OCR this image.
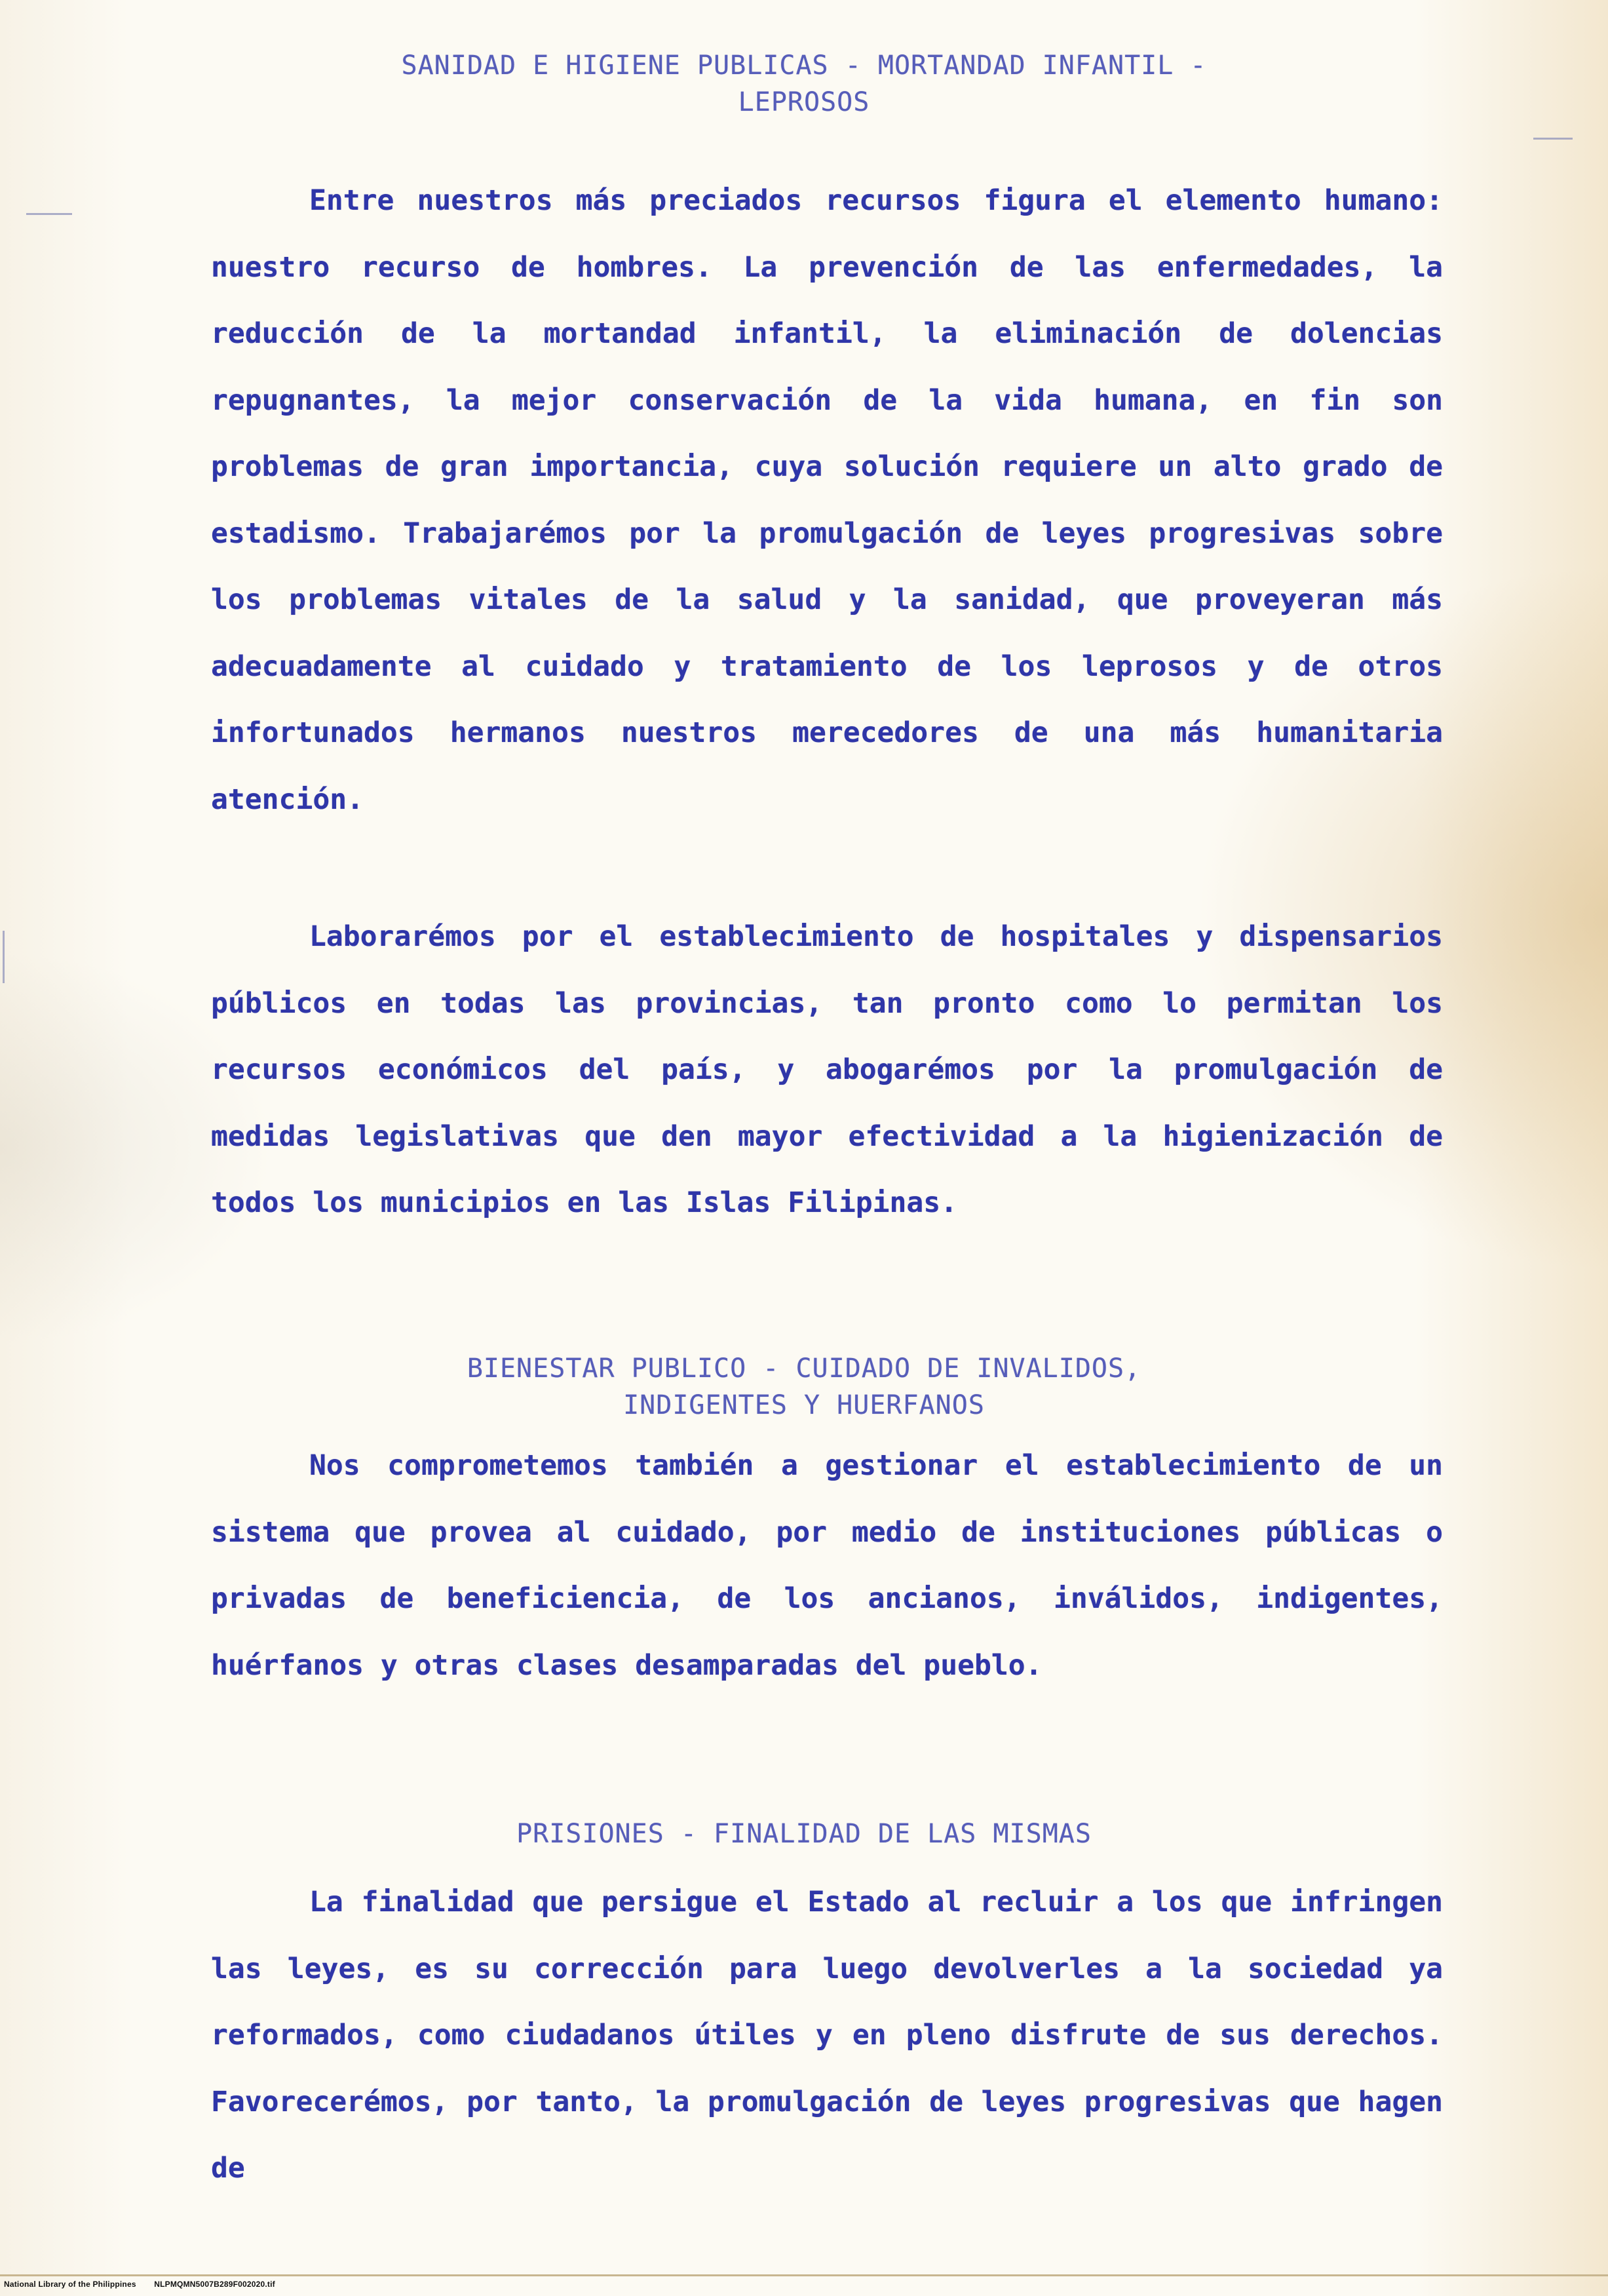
SANIDAD E HIGIENE PUBLICAS - MORTANDAD INFANTIL -
LEPROSOS

Entre nuestros más preciados recursos figura el elemento humano: nuestro recurso de hombres. La prevención de las enfermedades, la reducción de la mortandad infantil, la eliminación de dolencias repugnantes, la mejor conservación de la vida humana, en fin son problemas de gran importancia, cuya solución requiere un alto grado de estadismo. Trabajarémos por la promulgación de leyes progresivas sobre los problemas vitales de la salud y la sanidad, que proveyeran más adecuadamente al cuidado y tratamiento de los leprosos y de otros infortunados hermanos nuestros merecedores de una más humanitaria atención.

Laborarémos por el establecimiento de hospitales y dispensarios públicos en todas las provincias, tan pronto como lo permitan los recursos económicos del país, y abogarémos por la promulgación de medidas legislativas que den mayor efectividad a la higienización de todos los municipios en las Islas Filipinas.

BIENESTAR PUBLICO - CUIDADO DE INVALIDOS,
INDIGENTES Y HUERFANOS

Nos comprometemos también a gestionar el establecimiento de un sistema que provea al cuidado, por medio de instituciones públicas o privadas de beneficiencia, de los ancianos, inválidos, indigentes, huérfanos y otras clases desamparadas del pueblo.

PRISIONES - FINALIDAD DE LAS MISMAS

La finalidad que persigue el Estado al recluir a los que infringen las leyes, es su corrección para luego devolverles a la sociedad ya reformados, como ciudadanos útiles y en pleno disfrute de sus derechos. Favorecerémos, por tanto, la promulgación de leyes progresivas que hagen de

National Library of the Philippines NLPMQMN5007B289F002020.tif
